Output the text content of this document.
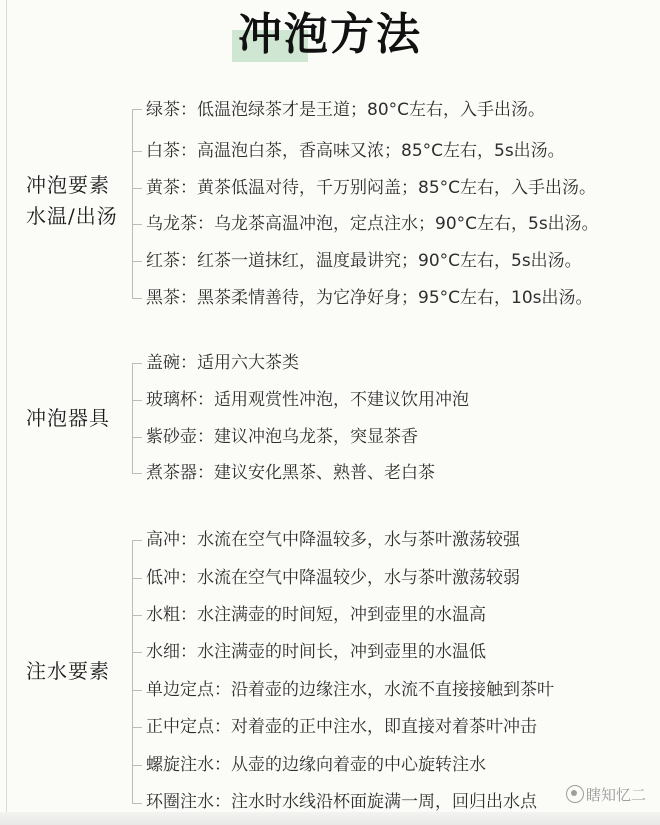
冲泡方法
冲泡要素
水温/出汤
绿茶：低温泡绿茶才是王道；80°C左右，入手出汤。
白茶：高温泡白茶，香高味又浓；85°C左右，5s出汤。
黄茶：黄茶低温对待，千万别闷盖；85°C左右，入手出汤。
乌龙茶：乌龙茶高温冲泡，定点注水；90°C左右，5s出汤。
红茶：红茶一道抹红，温度最讲究；90°C左右，5s出汤。
黑茶：黑茶柔情善待，为它净好身；95°C左右，10s出汤。
冲泡器具
盖碗：适用六大茶类
玻璃杯：适用观赏性冲泡，不建议饮用冲泡
紫砂壶：建议冲泡乌龙茶，突显茶香
煮茶器：建议安化黑茶、熟普、老白茶
注水要素
高冲：水流在空气中降温较多，水与茶叶激荡较强
低冲：水流在空气中降温较少，水与茶叶激荡较弱
水粗：水注满壶的时间短，冲到壶里的水温高
水细：水注满壶的时间长，冲到壶里的水温低
单边定点：沿着壶的边缘注水，水流不直接接触到茶叶
正中定点：对着壶的正中注水，即直接对着茶叶冲击
螺旋注水：从壶的边缘向着壶的中心旋转注水
环圈注水：注水时水线沿杯面旋满一周，回归出水点	瞎知忆二
